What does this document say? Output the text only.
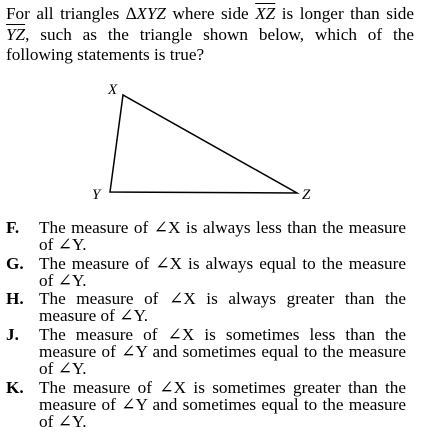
For all triangles ∆XYZ where side $\overline{XZ}$ is longer than side $\overline{YZ}$, such as the triangle shown below, which of the following statements is true?
X
Y	Z
F. The measure of ∠X is always less than the measure of ∠Y.
G. The measure of ∠X is always equal to the measure of ∠Y.
H. The measure of ∠X is always greater than the measure of ∠Y.
J. The measure of ∠X is sometimes less than the measure of ∠Y and sometimes equal to the measure of ∠Y.
K. The measure of ∠X is sometimes greater than the measure of ∠Y and sometimes equal to the measure of ∠Y.
